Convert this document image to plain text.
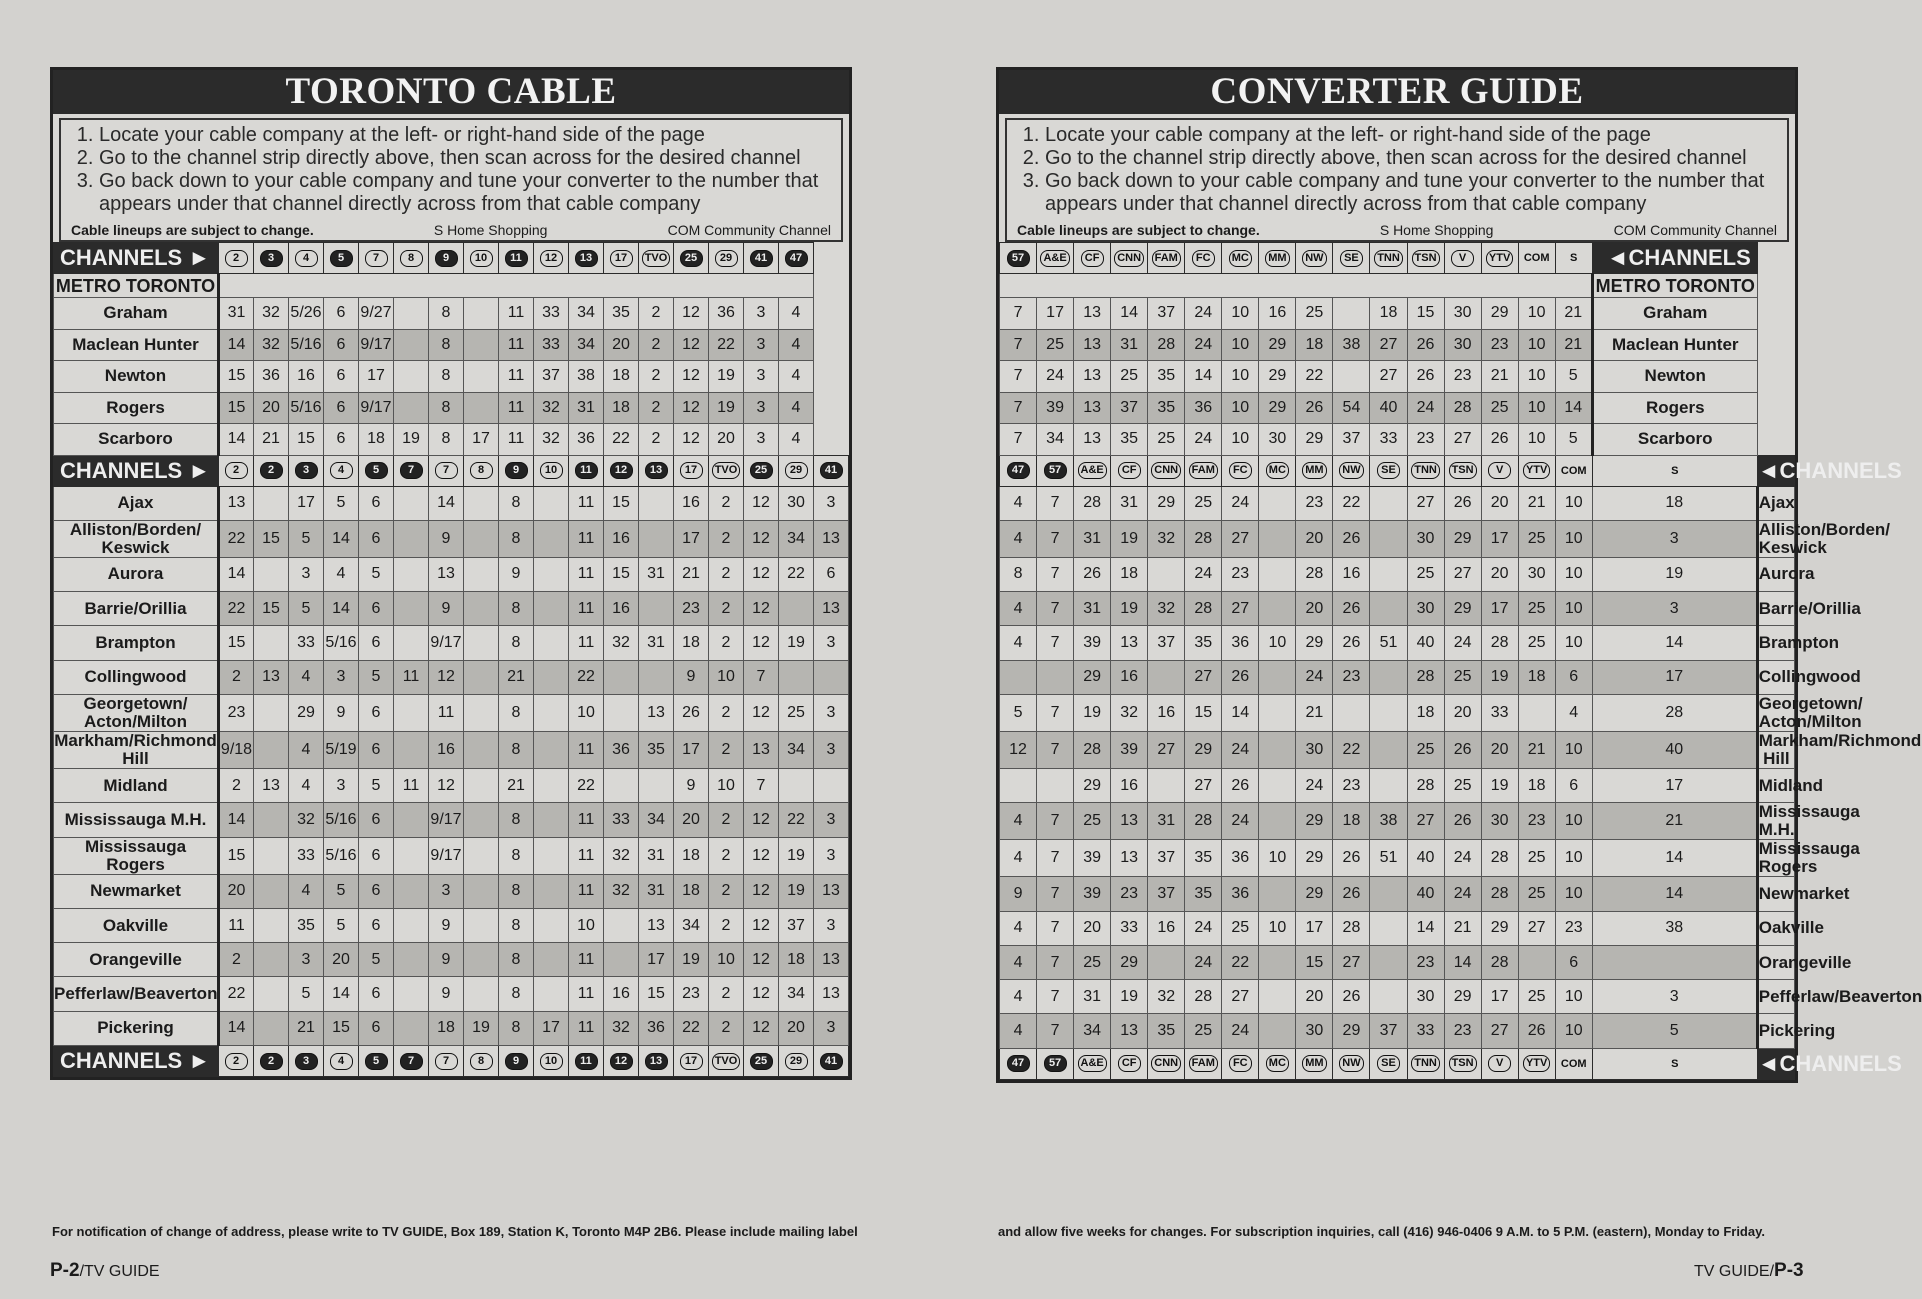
TORONTO CABLE
1. Locate your cable company at the left- or right-hand side of the page
2. Go to the channel strip directly above, then scan across for the desired channel
3. Go back down to your cable company and tune your converter to the number that appears under that channel directly across from that cable company
Cable lineups are subject to change.	S Home Shopping	COM Community Channel
CHANNELS ►	2	3	4	5	7	8	9	10	11	12	13	17	TVO	25	29	41	47	
METRO TORONTO																		
Graham	31	32	5/26	6	9/27		8		11	33	34	35	2	12	36	3	4	
Maclean Hunter	14	32	5/16	6	9/17		8		11	33	34	20	2	12	22	3	4	
Newton	15	36	16	6	17		8		11	37	38	18	2	12	19	3	4	
Rogers	15	20	5/16	6	9/17		8		11	32	31	18	2	12	19	3	4	
Scarboro	14	21	15	6	18	19	8	17	11	32	36	22	2	12	20	3	4	
CHANNELS ►	2	2	3	4	5	7	7	8	9	10	11	12	13	17	TVO	25	29	41
Ajax	13		17	5	6		14		8		11	15		16	2	12	30	3
Alliston/Borden/ Keswick	22	15	5	14	6		9		8		11	16		17	2	12	34	13
Aurora	14		3	4	5		13		9		11	15	31	21	2	12	22	6
Barrie/Orillia	22	15	5	14	6		9		8		11	16		23	2	12		13
Brampton	15		33	5/16	6		9/17		8		11	32	31	18	2	12	19	3
Collingwood	2	13	4	3	5	11	12		21		22			9	10	7		
Georgetown/ Acton/Milton	23		29	9	6		11		8		10		13	26	2	12	25	3
Markham/Richmond Hill	9/18		4	5/19	6		16		8		11	36	35	17	2	13	34	3
Midland	2	13	4	3	5	11	12		21		22			9	10	7		
Mississauga M.H.	14		32	5/16	6		9/17		8		11	33	34	20	2	12	22	3
Mississauga Rogers	15		33	5/16	6		9/17		8		11	32	31	18	2	12	19	3
Newmarket	20		4	5	6		3		8		11	32	31	18	2	12	19	13
Oakville	11		35	5	6		9		8		10		13	34	2	12	37	3
Orangeville	2		3	20	5		9		8		11		17	19	10	12	18	13
Pefferlaw/Beaverton	22		5	14	6		9		8		11	16	15	23	2	12	34	13
Pickering	14		21	15	6		18	19	8	17	11	32	36	22	2	12	20	3
CHANNELS ►	2	2	3	4	5	7	7	8	9	10	11	12	13	17	TVO	25	29	41
CONVERTER GUIDE
1. Locate your cable company at the left- or right-hand side of the page
2. Go to the channel strip directly above, then scan across for the desired channel
3. Go back down to your cable company and tune your converter to the number that appears under that channel directly across from that cable company
Cable lineups are subject to change.	S Home Shopping	COM Community Channel
57	A&E	CF	CNN	FAM	FC	MC	MM	NW	SE	TNN	TSN	V	YTV	COM	S	◄CHANNELS	
																METRO TORONTO	
7	17	13	14	37	24	10	16	25		18	15	30	29	10	21	Graham	
7	25	13	31	28	24	10	29	18	38	27	26	30	23	10	21	Maclean Hunter	
7	24	13	25	35	14	10	29	22		27	26	23	21	10	5	Newton	
7	39	13	37	35	36	10	29	26	54	40	24	28	25	10	14	Rogers	
7	34	13	35	25	24	10	30	29	37	33	23	27	26	10	5	Scarboro	
47	57	A&E	CF	CNN	FAM	FC	MC	MM	NW	SE	TNN	TSN	V	YTV	COM	S	◄CHANNELS
4	7	28	31	29	25	24		23	22		27	26	20	21	10	18	Ajax
4	7	31	19	32	28	27		20	26		30	29	17	25	10	3	Alliston/Borden/ Keswick
8	7	26	18		24	23		28	16		25	27	20	30	10	19	Aurora
4	7	31	19	32	28	27		20	26		30	29	17	25	10	3	Barrie/Orillia
4	7	39	13	37	35	36	10	29	26	51	40	24	28	25	10	14	Brampton
		29	16		27	26		24	23		28	25	19	18	6	17	Collingwood
5	7	19	32	16	15	14		21			18	20	33		4	28	Georgetown/ Acton/Milton
12	7	28	39	27	29	24		30	22		25	26	20	21	10	40	Markham/Richmond Hill
		29	16		27	26		24	23		28	25	19	18	6	17	Midland
4	7	25	13	31	28	24		29	18	38	27	26	30	23	10	21	Mississauga M.H.
4	7	39	13	37	35	36	10	29	26	51	40	24	28	25	10	14	Mississauga Rogers
9	7	39	23	37	35	36		29	26		40	24	28	25	10	14	Newmarket
4	7	20	33	16	24	25	10	17	28		14	21	29	27	23	38	Oakville
4	7	25	29		24	22		15	27		23	14	28		6		Orangeville
4	7	31	19	32	28	27		20	26		30	29	17	25	10	3	Pefferlaw/Beaverton
4	7	34	13	35	25	24		30	29	37	33	23	27	26	10	5	Pickering
47	57	A&E	CF	CNN	FAM	FC	MC	MM	NW	SE	TNN	TSN	V	YTV	COM	S	◄CHANNELS
For notification of change of address, please write to TV GUIDE, Box 189, Station K, Toronto M4P 2B6. Please include mailing label	and allow five weeks for changes. For subscription inquiries, call (416) 946-0406 9 A.M. to 5 P.M. (eastern), Monday to Friday.
P-2/TV GUIDE	TV GUIDE/P-3
